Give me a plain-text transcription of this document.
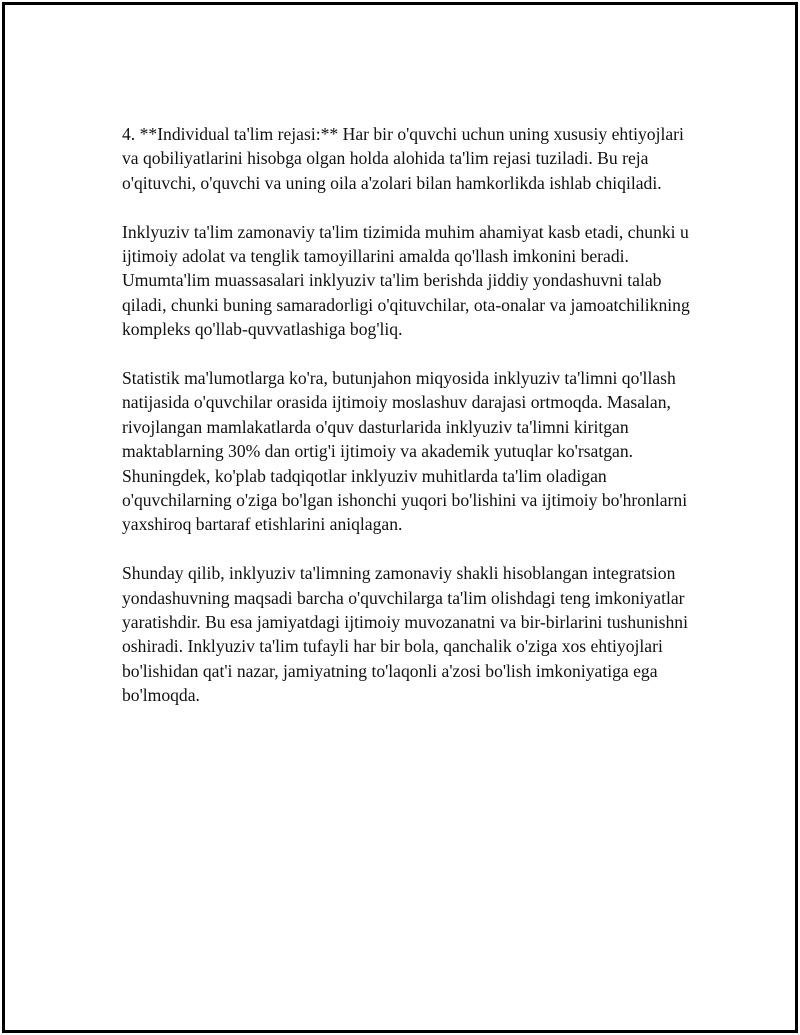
4. **Individual ta'lim rejasi:** Har bir o'quvchi uchun uning xususiy ehtiyojlari va qobiliyatlarini hisobga olgan holda alohida ta'lim rejasi tuziladi. Bu reja o'qituvchi, o'quvchi va uning oila a'zolari bilan hamkorlikda ishlab chiqiladi.

Inklyuziv ta'lim zamonaviy ta'lim tizimida muhim ahamiyat kasb etadi, chunki u ijtimoiy adolat va tenglik tamoyillarini amalda qo'llash imkonini beradi. Umumta'lim muassasalari inklyuziv ta'lim berishda jiddiy yondashuvni talab qiladi, chunki buning samaradorligi o'qituvchilar, ota-onalar va jamoatchilikning kompleks qo'llab-quvvatlashiga bog'liq.

Statistik ma'lumotlarga ko'ra, butunjahon miqyosida inklyuziv ta'limni qo'llash natijasida o'quvchilar orasida ijtimoiy moslashuv darajasi ortmoqda. Masalan, rivojlangan mamlakatlarda o'quv dasturlarida inklyuziv ta'limni kiritgan maktablarning 30% dan ortig'i ijtimoiy va akademik yutuqlar ko'rsatgan. Shuningdek, ko'plab tadqiqotlar inklyuziv muhitlarda ta'lim oladigan o'quvchilarning o'ziga bo'lgan ishonchi yuqori bo'lishini va ijtimoiy bo'hronlarni yaxshiroq bartaraf etishlarini aniqlagan.

Shunday qilib, inklyuziv ta'limning zamonaviy shakli hisoblangan integratsion yondashuvning maqsadi barcha o'quvchilarga ta'lim olishdagi teng imkoniyatlar yaratishdir. Bu esa jamiyatdagi ijtimoiy muvozanatni va bir-birlarini tushunishni oshiradi. Inklyuziv ta'lim tufayli har bir bola, qanchalik o'ziga xos ehtiyojlari bo'lishidan qat'i nazar, jamiyatning to'laqonli a'zosi bo'lish imkoniyatiga ega bo'lmoqda.
